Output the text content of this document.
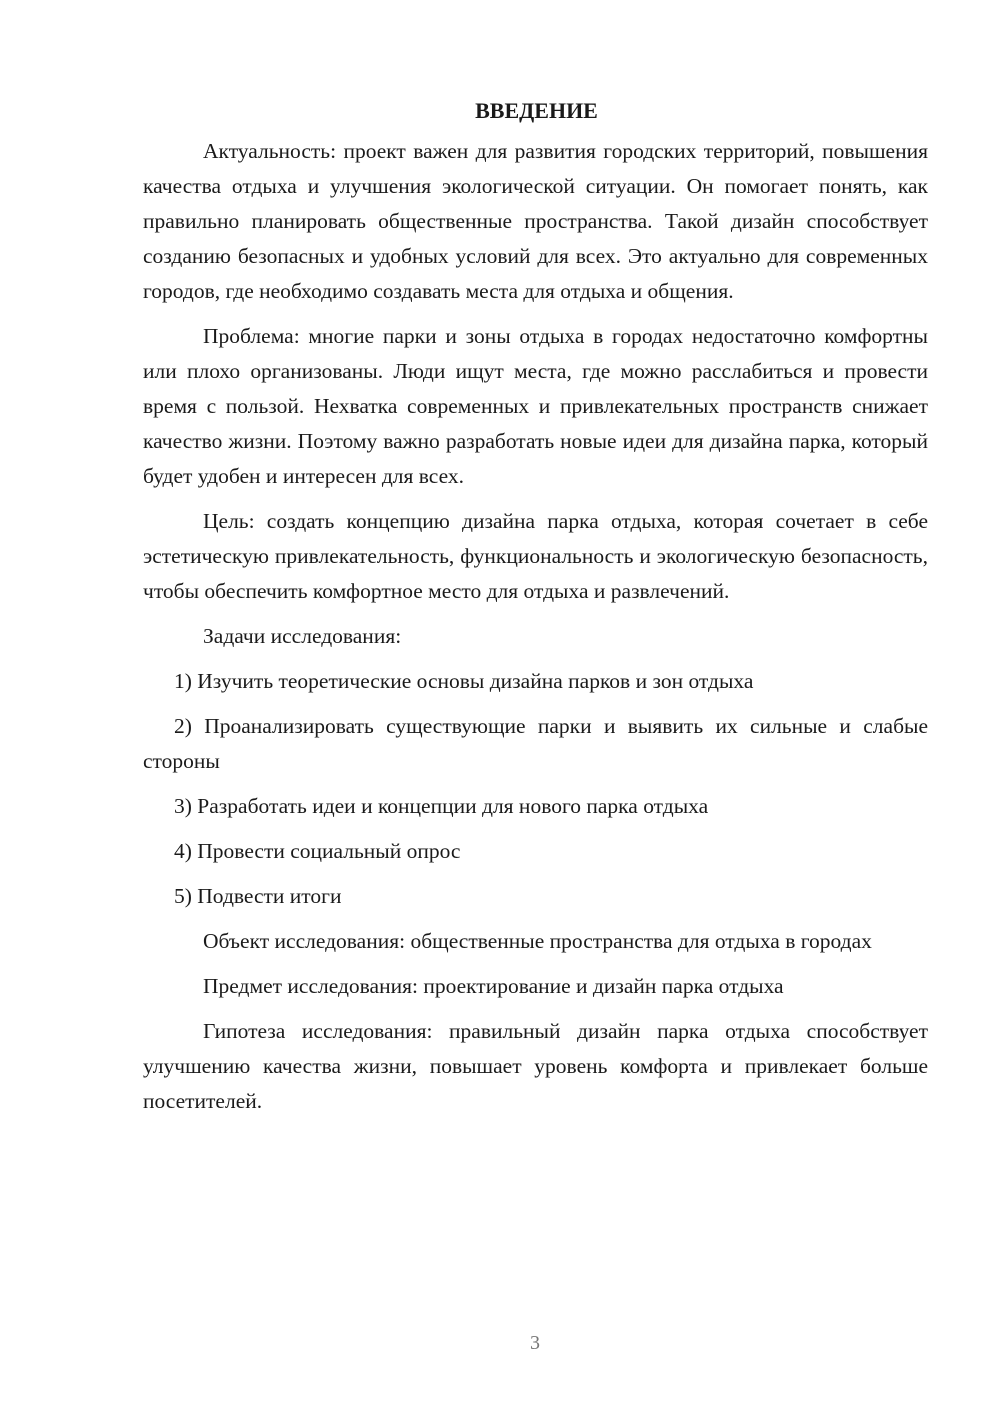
ВВЕДЕНИЕ

Актуальность: проект важен для развития городских территорий, повышения качества отдыха и улучшения экологической ситуации. Он помогает понять, как правильно планировать общественные пространства. Такой дизайн способствует созданию безопасных и удобных условий для всех. Это актуально для современных городов, где необходимо создавать места для отдыха и общения.

Проблема: многие парки и зоны отдыха в городах недостаточно комфортны или плохо организованы. Люди ищут места, где можно расслабиться и провести время с пользой. Нехватка современных и привлекательных пространств снижает качество жизни. Поэтому важно разработать новые идеи для дизайна парка, который будет удобен и интересен для всех.

Цель: создать концепцию дизайна парка отдыха, которая сочетает в себе эстетическую привлекательность, функциональность и экологическую безопасность, чтобы обеспечить комфортное место для отдыха и развлечений.

Задачи исследования:

1) Изучить теоретические основы дизайна парков и зон отдыха

2) Проанализировать существующие парки и выявить их сильные и слабые стороны

3) Разработать идеи и концепции для нового парка отдыха

4) Провести социальный опрос

5) Подвести итоги

Объект исследования: общественные пространства для отдыха в городах

Предмет исследования: проектирование и дизайн парка отдыха

Гипотеза исследования: правильный дизайн парка отдыха способствует улучшению качества жизни, повышает уровень комфорта и привлекает больше посетителей.

3
